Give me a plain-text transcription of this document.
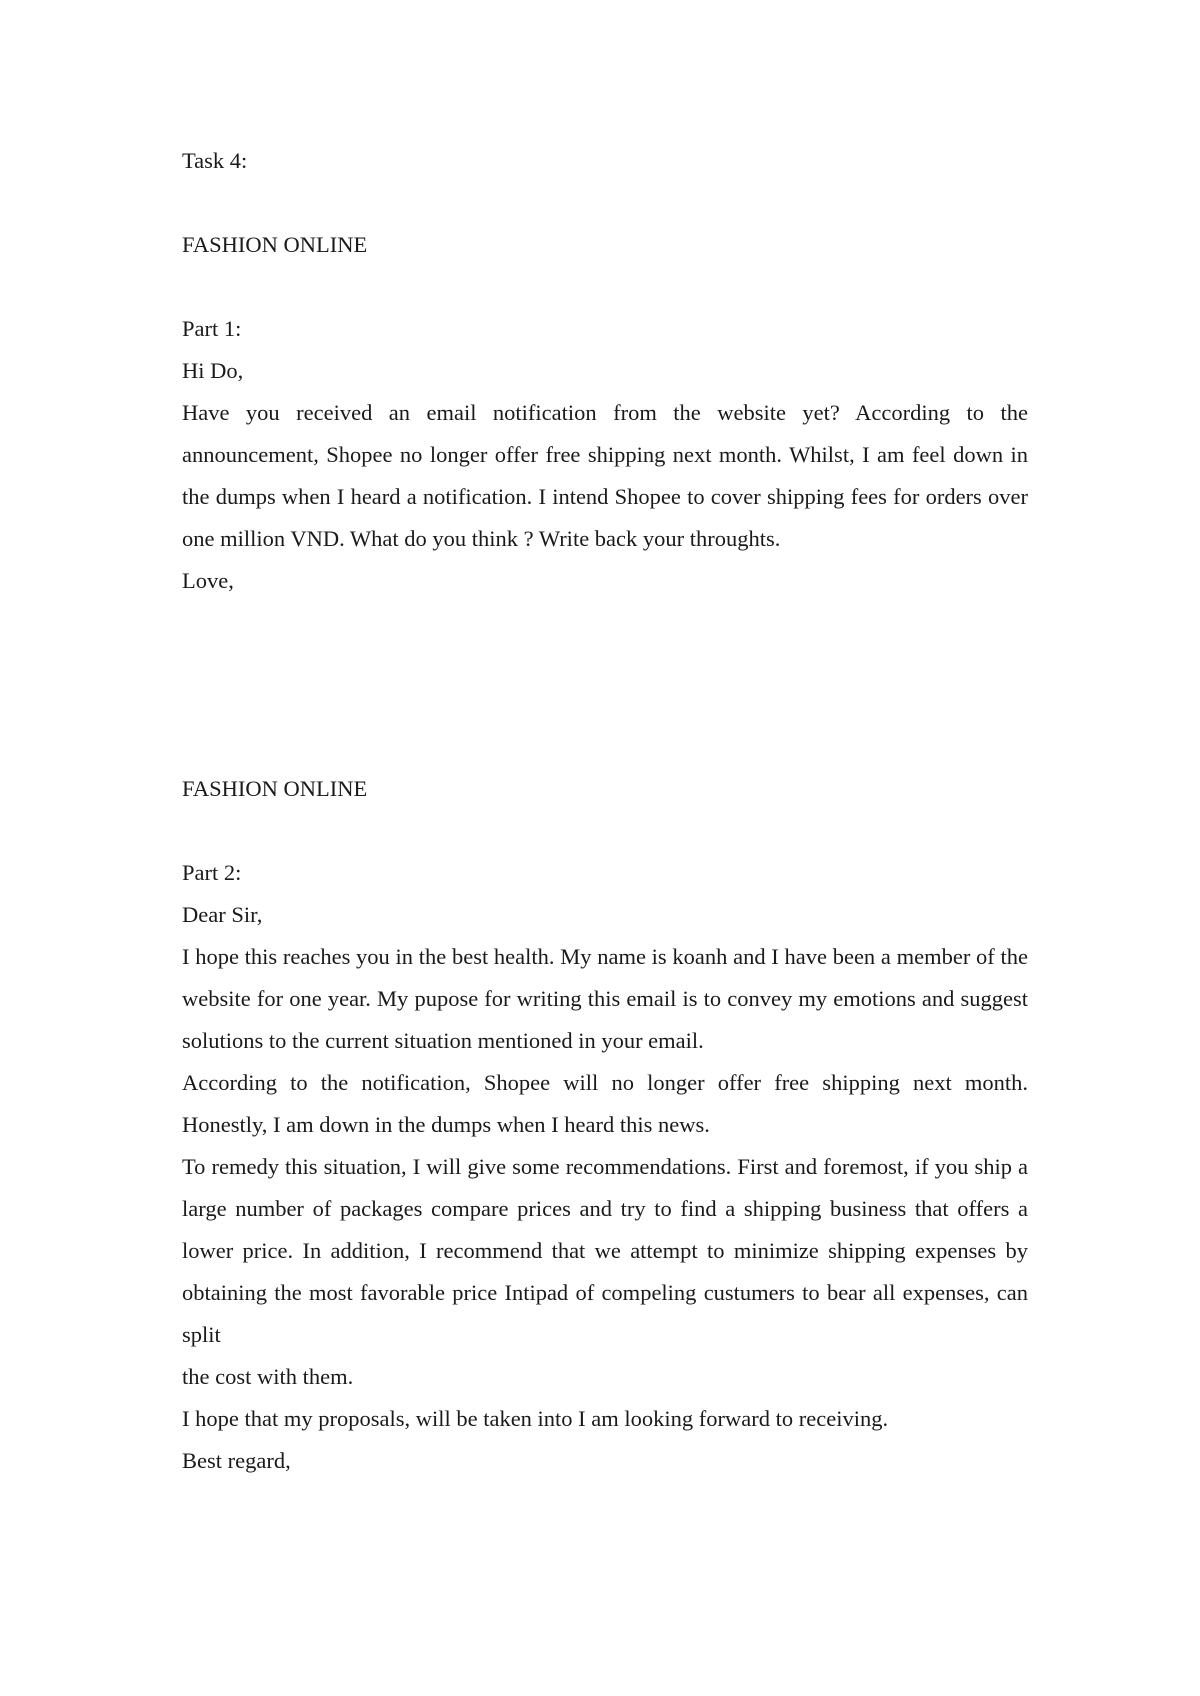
Task 4:

FASHION ONLINE

Part 1:

Hi Do,

Have you received an email notification from the website yet? According to the announcement, Shopee no longer offer free shipping next month. Whilst, I am feel down in the dumps when I heard a notification. I intend Shopee to cover shipping fees for orders over one million VND. What do you think ? Write back your throughts.

Love,

FASHION ONLINE

Part 2:

Dear Sir,

I hope this reaches you in the best health. My name is koanh and I have been a member of the website for one year. My pupose for writing this email is to convey my emotions and suggest solutions to the current situation mentioned in your email.

According to the notification, Shopee will no longer offer free shipping next month. Honestly, I am down in the dumps when I heard this news.

To remedy this situation, I will give some recommendations. First and foremost, if you ship a large number of packages compare prices and try to find a shipping business that offers a lower price. In addition, I recommend that we attempt to minimize shipping expenses by obtaining the most favorable price Intipad of compeling custumers to bear all expenses, can split

the cost with them.

I hope that my proposals, will be taken into I am looking forward to receiving.

Best regard,
